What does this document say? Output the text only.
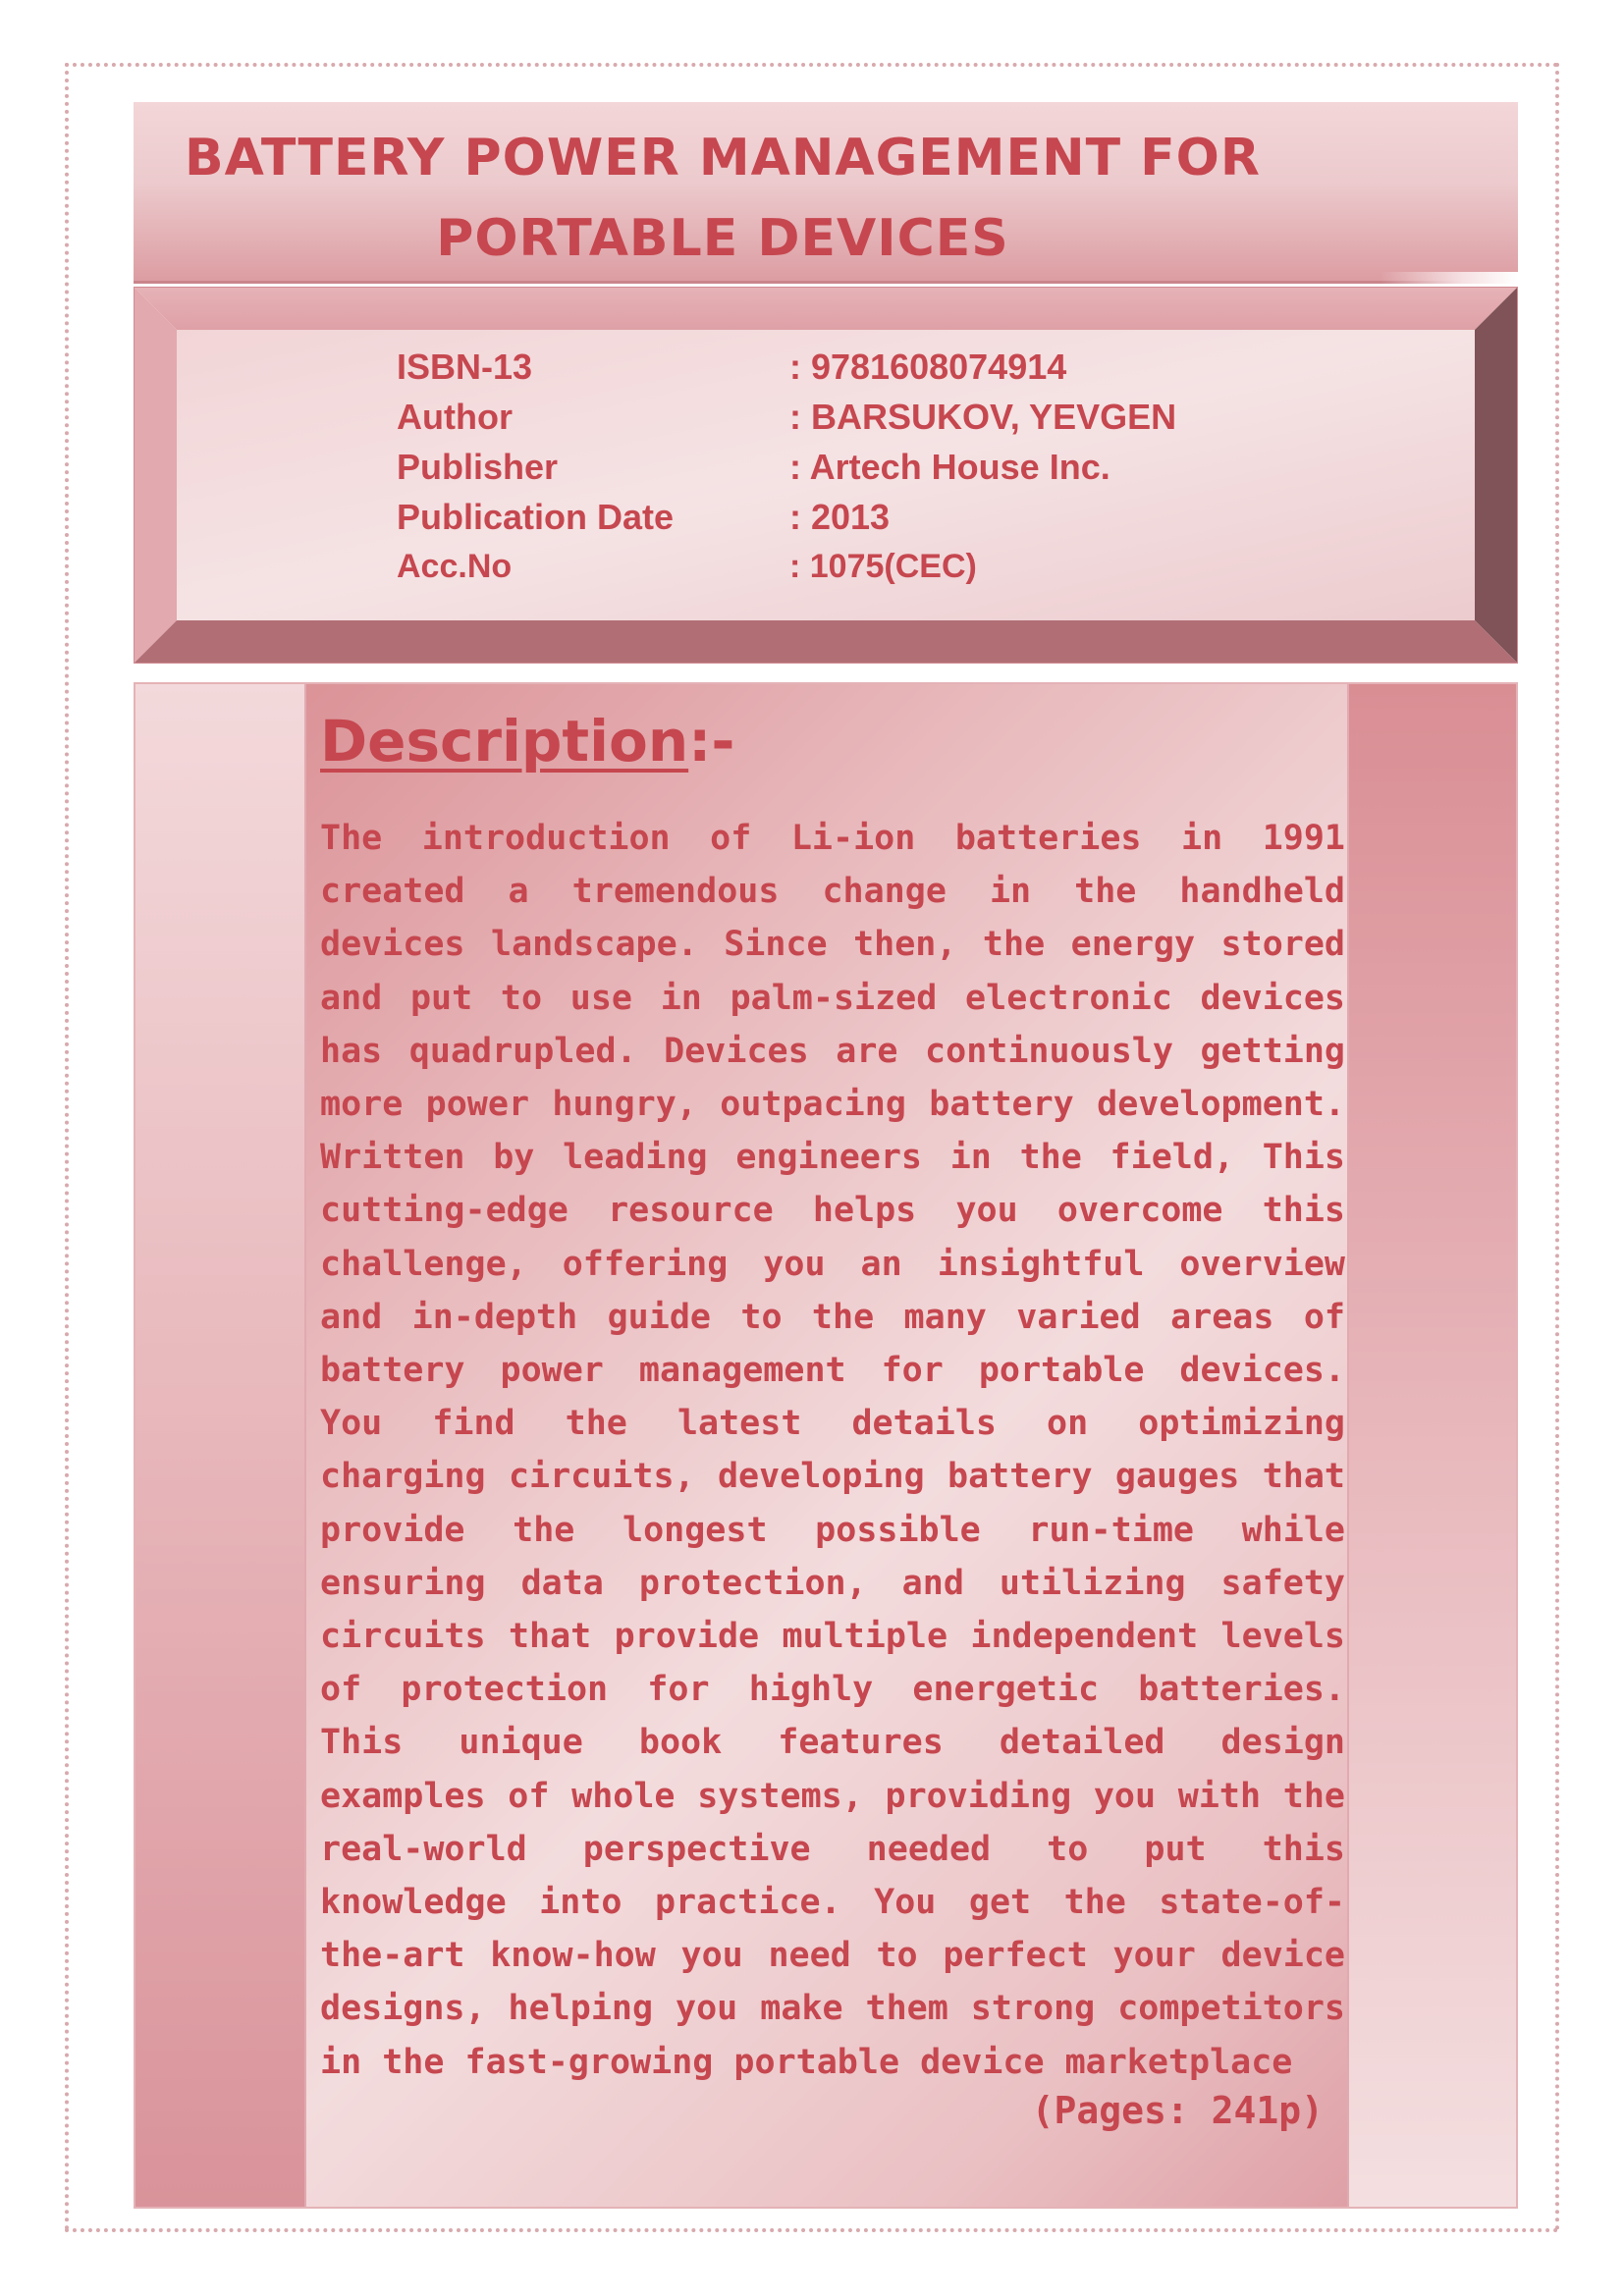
BATTERY POWER MANAGEMENT FOR
PORTABLE DEVICES
ISBN-13	: 9781608074914
Author	: BARSUKOV, YEVGEN
Publisher	: Artech House Inc.
Publication Date	: 2013
Acc.No	: 1075(CEC)
Description:-

The introduction of Li-ion batteries in 1991 created a tremendous change in the handheld devices landscape. Since then, the energy stored and put to use in palm-sized electronic devices has quadrupled. Devices are continuously getting more power hungry, outpacing battery development. Written by leading engineers in the field, This cutting-edge resource helps you overcome this challenge, offering you an insightful overview and in-depth guide to the many varied areas of battery power management for portable devices. You find the latest details on optimizing charging circuits, developing battery gauges that provide the longest possible run-time while ensuring data protection, and utilizing safety circuits that provide multiple independent levels of protection for highly energetic batteries. This unique book features detailed design examples of whole systems, providing you with the real-world perspective needed to put this knowledge into practice. You get the state-of-the-art know-how you need to perfect your device designs, helping you make them strong competitors in the fast-growing portable device marketplace

(Pages: 241p)
